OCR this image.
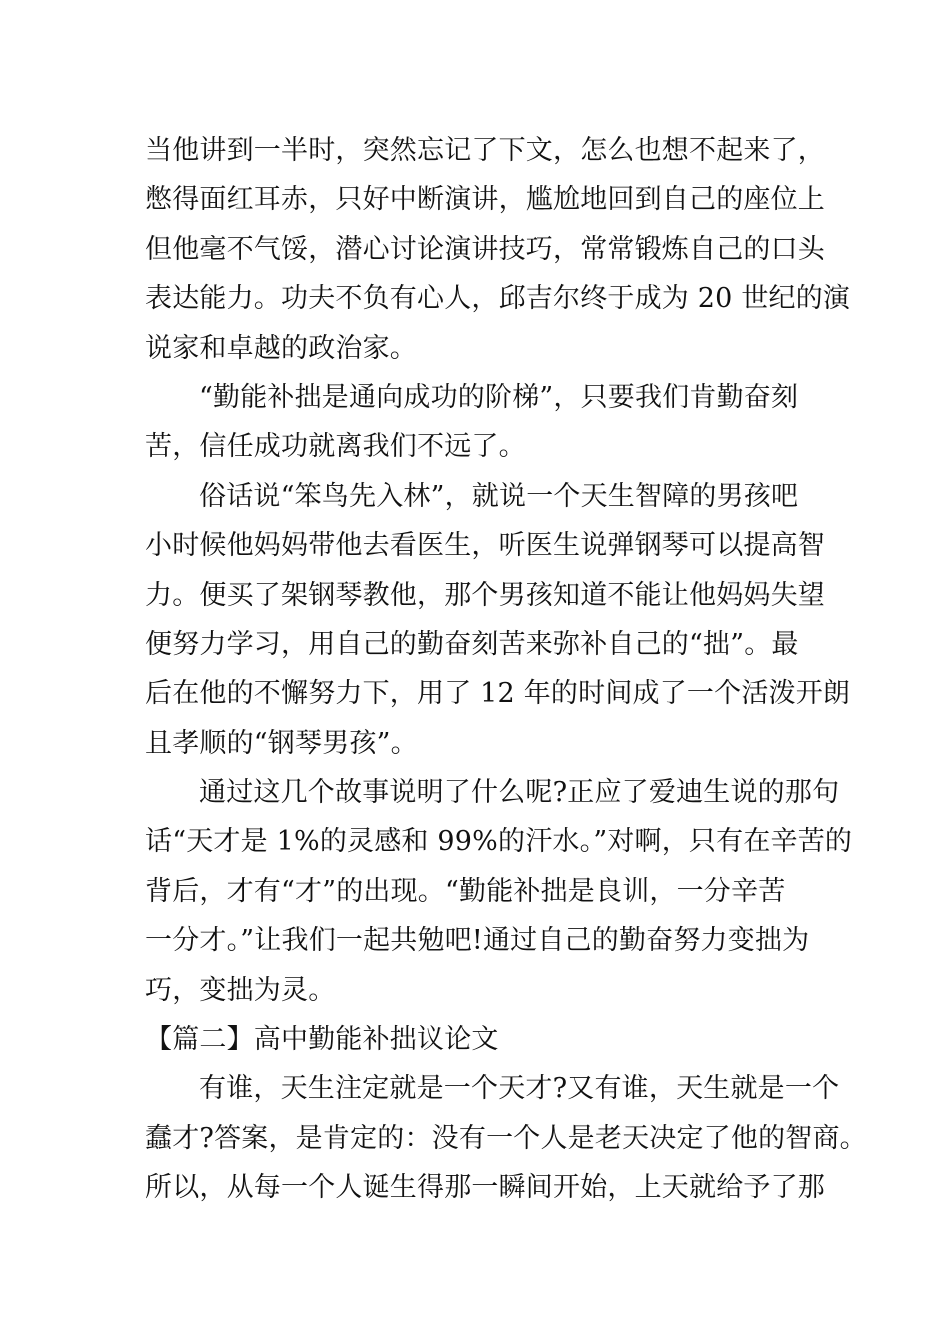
当他讲到一半时，突然忘记了下文，怎么也想不起来了，
憋得面红耳赤，只好中断演讲，尴尬地回到自己的座位上
但他毫不气馁，潜心讨论演讲技巧，常常锻炼自己的口头
表达能力。功夫不负有心人，邱吉尔终于成为 20 世纪的演
说家和卓越的政治家。
“勤能补拙是通向成功的阶梯”，只要我们肯勤奋刻
苦，信任成功就离我们不远了。
俗话说“笨鸟先入林”，就说一个天生智障的男孩吧
小时候他妈妈带他去看医生，听医生说弹钢琴可以提高智
力。便买了架钢琴教他，那个男孩知道不能让他妈妈失望
便努力学习，用自己的勤奋刻苦来弥补自己的“拙”。最
后在他的不懈努力下，用了 12 年的时间成了一个活泼开朗
且孝顺的“钢琴男孩”。
通过这几个故事说明了什么呢?正应了爱迪生说的那句
话“天才是 1%的灵感和 99%的汗水。”对啊，只有在辛苦的
背后，才有“才”的出现。“勤能补拙是良训，一分辛苦
一分才。”让我们一起共勉吧!通过自己的勤奋努力变拙为
巧，变拙为灵。
【篇二】高中勤能补拙议论文
有谁，天生注定就是一个天才?又有谁，天生就是一个
蠢才?答案，是肯定的：没有一个人是老天决定了他的智商。
所以，从每一个人诞生得那一瞬间开始，上天就给予了那
